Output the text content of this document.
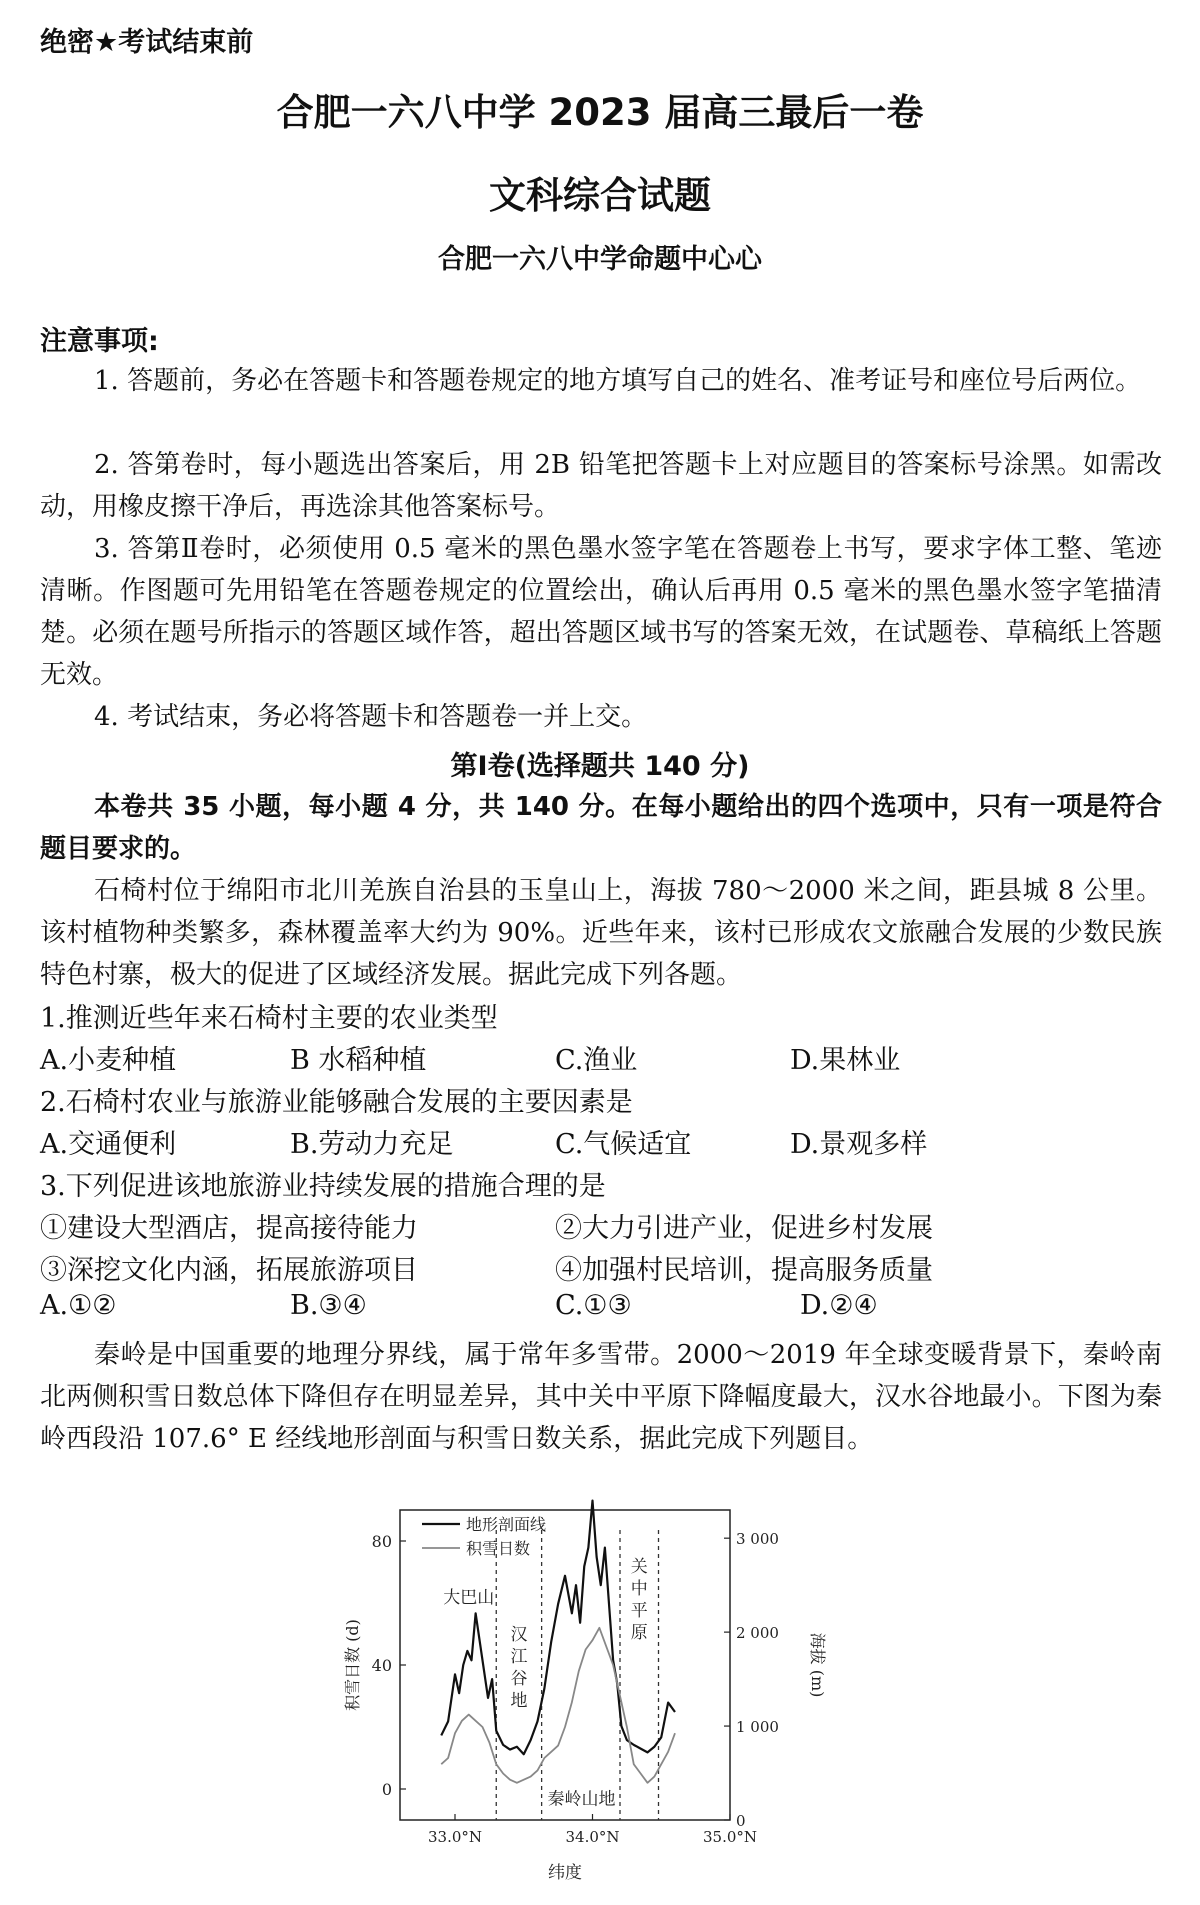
绝密★考试结束前
合肥一六八中学 2023 届高三最后一卷
文科综合试题
合肥一六八中学命题中心心
注意事项:
1. 答题前，务必在答题卡和答题卷规定的地方填写自己的姓名、准考证号和座位号后两位。
2. 答第卷时，每小题选出答案后，用 2B 铅笔把答题卡上对应题目的答案标号涂黑。如需改动，用橡皮擦干净后，再选涂其他答案标号。
3. 答第Ⅱ卷时，必须使用 0.5 毫米的黑色墨水签字笔在答题卷上书写，要求字体工整、笔迹清晰。作图题可先用铅笔在答题卷规定的位置绘出，确认后再用 0.5 毫米的黑色墨水签字笔描清楚。必须在题号所指示的答题区域作答，超出答题区域书写的答案无效，在试题卷、草稿纸上答题无效。
4. 考试结束，务必将答题卡和答题卷一并上交。
第Ⅰ卷(选择题共 140 分)
本卷共 35 小题，每小题 4 分，共 140 分。在每小题给出的四个选项中，只有一项是符合题目要求的。
石椅村位于绵阳市北川羌族自治县的玉皇山上，海拔 780～2000 米之间，距县城 8 公里。该村植物种类繁多，森林覆盖率大约为 90%。近些年来，该村已形成农文旅融合发展的少数民族特色村寨，极大的促进了区域经济发展。据此完成下列各题。
1.推测近些年来石椅村主要的农业类型
A.小麦种植	B 水稻种植	C.渔业	D.果林业
2.石椅村农业与旅游业能够融合发展的主要因素是
A.交通便利	B.劳动力充足	C.气候适宜	D.景观多样
3.下列促进该地旅游业持续发展的措施合理的是
①建设大型酒店，提高接待能力	②大力引进产业，促进乡村发展
③深挖文化内涵，拓展旅游项目	④加强村民培训，提高服务质量
A.①②	B.③④	C.①③	D.②④
秦岭是中国重要的地理分界线，属于常年多雪带。2000～2019 年全球变暖背景下，秦岭南北两侧积雪日数总体下降但存在明显差异，其中关中平原下降幅度最大，汉水谷地最小。下图为秦岭西段沿 107.6° E 经线地形剖面与积雪日数关系，据此完成下列题目。
0
40
80
0
1 000
2 000
3 000
33.0°N	34.0°N	35.0°N
纬度
积雪日数 (d)	海拔 (m)
地形剖面线
积雪日数
大巴山
汉
江
谷
地
秦岭山地
关
中
平
原
